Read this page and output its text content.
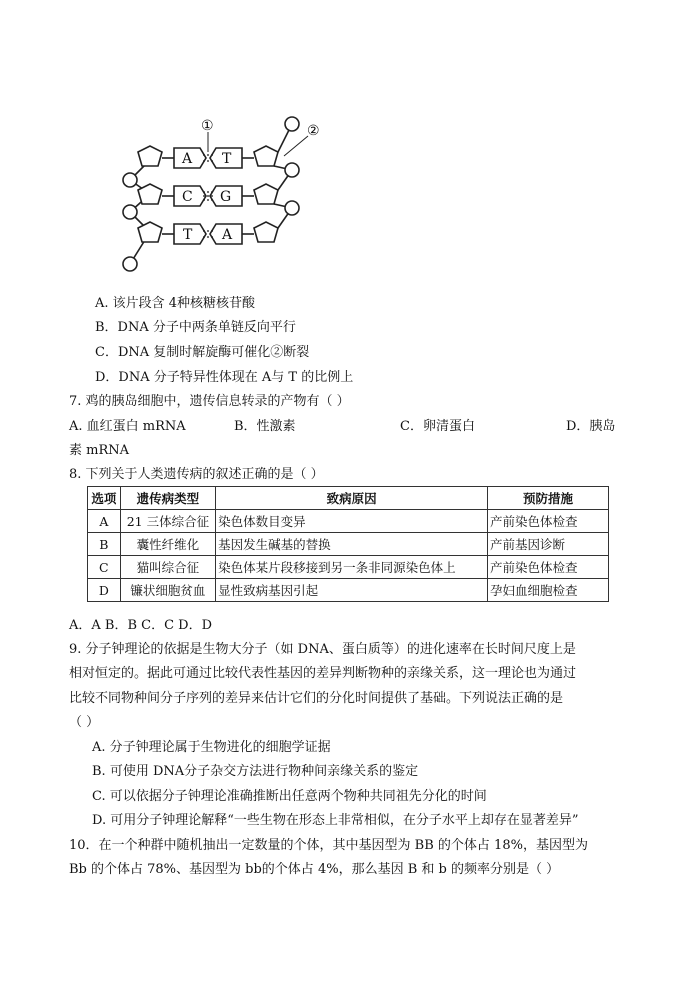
①	②
A T
C G
T A
A. 该片段含 4种核糖核苷酸
B．DNA 分子中两条单链反向平行
C．DNA 复制时解旋酶可催化②断裂
D．DNA 分子特异性体现在 A与 T 的比例上
7. 鸡的胰岛细胞中，遗传信息转录的产物有（ ）
A. 血红蛋白 mRNA	B．性激素	C．卵清蛋白	D．胰岛
素 mRNA
8. 下列关于人类遗传病的叙述正确的是（ ）
选项	遗传病类型	致病原因	预防措施
A	21 三体综合征	染色体数目变异	产前染色体检查
B	囊性纤维化	基因发生碱基的替换	产前基因诊断
C	猫叫综合征	染色体某片段移接到另一条非同源染色体上	产前染色体检查
D	镰状细胞贫血	显性致病基因引起	孕妇血细胞检查
A．A B．B C．C D．D
9. 分子钟理论的依据是生物大分子（如 DNA、蛋白质等）的进化速率在长时间尺度上是
相对恒定的。据此可通过比较代表性基因的差异判断物种的亲缘关系，这一理论也为通过
比较不同物种间分子序列的差异来估计它们的分化时间提供了基础。下列说法正确的是
（ ）
A. 分子钟理论属于生物进化的细胞学证据
B. 可使用 DNA分子杂交方法进行物种间亲缘关系的鉴定
C. 可以依据分子钟理论准确推断出任意两个物种共同祖先分化的时间
D. 可用分子钟理论解释“一些生物在形态上非常相似，在分子水平上却存在显著差异”
10．在一个种群中随机抽出一定数量的个体，其中基因型为 BB 的个体占 18%，基因型为
Bb 的个体占 78%、基因型为 bb的个体占 4%，那么基因 B 和 b 的频率分别是（ ）
